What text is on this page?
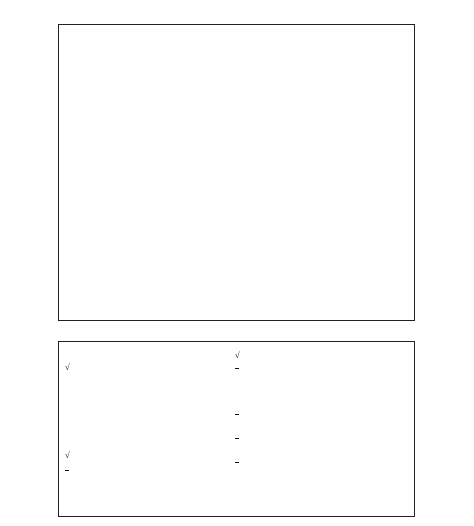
√
√
√
